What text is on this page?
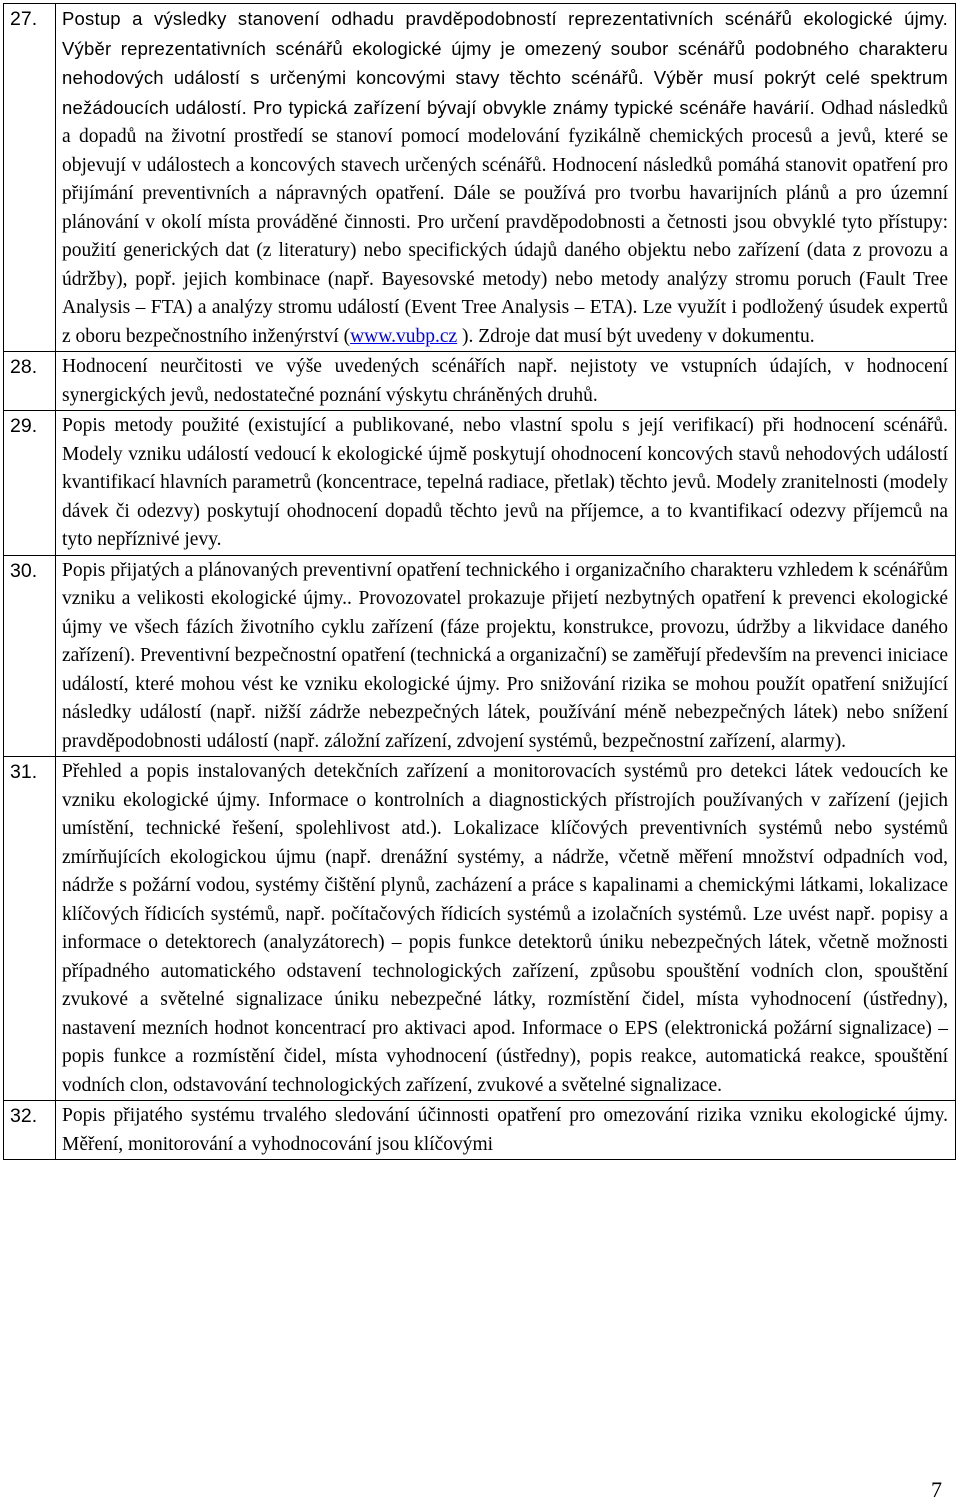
27.	Postup a výsledky stanovení odhadu pravděpodobností reprezentativních scénářů ekologické újmy. Výběr reprezentativních scénářů ekologické újmy je omezený soubor scénářů podobného charakteru nehodových událostí s určenými koncovými stavy těchto scénářů. Výběr musí pokrýt celé spektrum nežádoucích událostí. Pro typická zařízení bývají obvykle známy typické scénáře havárií. Odhad následků a dopadů na životní prostředí se stanoví pomocí modelování fyzikálně chemických procesů a jevů, které se objevují v událostech a koncových stavech určených scénářů. Hodnocení následků pomáhá stanovit opatření pro přijímání preventivních a nápravných opatření. Dále se používá pro tvorbu havarijních plánů a pro územní plánování v okolí místa prováděné činnosti. Pro určení pravděpodobnosti a četnosti jsou obvyklé tyto přístupy: použití generických dat (z literatury) nebo specifických údajů daného objektu nebo zařízení (data z provozu a údržby), popř. jejich kombinace (např. Bayesovské metody) nebo metody analýzy stromu poruch (Fault Tree Analysis – FTA) a analýzy stromu událostí (Event Tree Analysis – ETA). Lze využít i podložený úsudek expertů z oboru bezpečnostního inženýrství (www.vubp.cz ). Zdroje dat musí být uvedeny v dokumentu.
28.	Hodnocení neurčitosti ve výše uvedených scénářích např. nejistoty ve vstupních údajích, v hodnocení synergických jevů, nedostatečné poznání výskytu chráněných druhů.
29.	Popis metody použité (existující a publikované, nebo vlastní spolu s její verifikací) při hodnocení scénářů. Modely vzniku událostí vedoucí k ekologické újmě poskytují ohodnocení koncových stavů nehodových událostí kvantifikací hlavních parametrů (koncentrace, tepelná radiace, přetlak) těchto jevů. Modely zranitelnosti (modely dávek či odezvy) poskytují ohodnocení dopadů těchto jevů na příjemce, a to kvantifikací odezvy příjemců na tyto nepříznivé jevy.
30.	Popis přijatých a plánovaných preventivní opatření technického i organizačního charakteru vzhledem k scénářům vzniku a velikosti ekologické újmy.. Provozovatel prokazuje přijetí nezbytných opatření k prevenci ekologické újmy ve všech fázích životního cyklu zařízení (fáze projektu, konstrukce, provozu, údržby a likvidace daného zařízení). Preventivní bezpečnostní opatření (technická a organizační) se zaměřují především na prevenci iniciace událostí, které mohou vést ke vzniku ekologické újmy. Pro snižování rizika se mohou použít opatření snižující následky událostí (např. nižší zádrže nebezpečných látek, používání méně nebezpečných látek) nebo snížení pravděpodobnosti událostí (např. záložní zařízení, zdvojení systémů, bezpečnostní zařízení, alarmy).
31.	Přehled a popis instalovaných detekčních zařízení a monitorovacích systémů pro detekci látek vedoucích ke vzniku ekologické újmy. Informace o kontrolních a diagnostických přístrojích používaných v zařízení (jejich umístění, technické řešení, spolehlivost atd.). Lokalizace klíčových preventivních systémů nebo systémů zmírňujících ekologickou újmu (např. drenážní systémy, a nádrže, včetně měření množství odpadních vod, nádrže s požární vodou, systémy čištění plynů, zacházení a práce s kapalinami a chemickými látkami, lokalizace klíčových řídicích systémů, např. počítačových řídicích systémů a izolačních systémů. Lze uvést např. popisy a informace o detektorech (analyzátorech) – popis funkce detektorů úniku nebezpečných látek, včetně možnosti případného automatického odstavení technologických zařízení, způsobu spouštění vodních clon, spouštění zvukové a světelné signalizace úniku nebezpečné látky, rozmístění čidel, místa vyhodnocení (ústředny), nastavení mezních hodnot koncentrací pro aktivaci apod. Informace o EPS (elektronická požární signalizace) – popis funkce a rozmístění čidel, místa vyhodnocení (ústředny), popis reakce, automatická reakce, spouštění vodních clon, odstavování technologických zařízení, zvukové a světelné signalizace.
32.	Popis přijatého systému trvalého sledování účinnosti opatření pro omezování rizika vzniku ekologické újmy. Měření, monitorování a vyhodnocování jsou klíčovými
7
